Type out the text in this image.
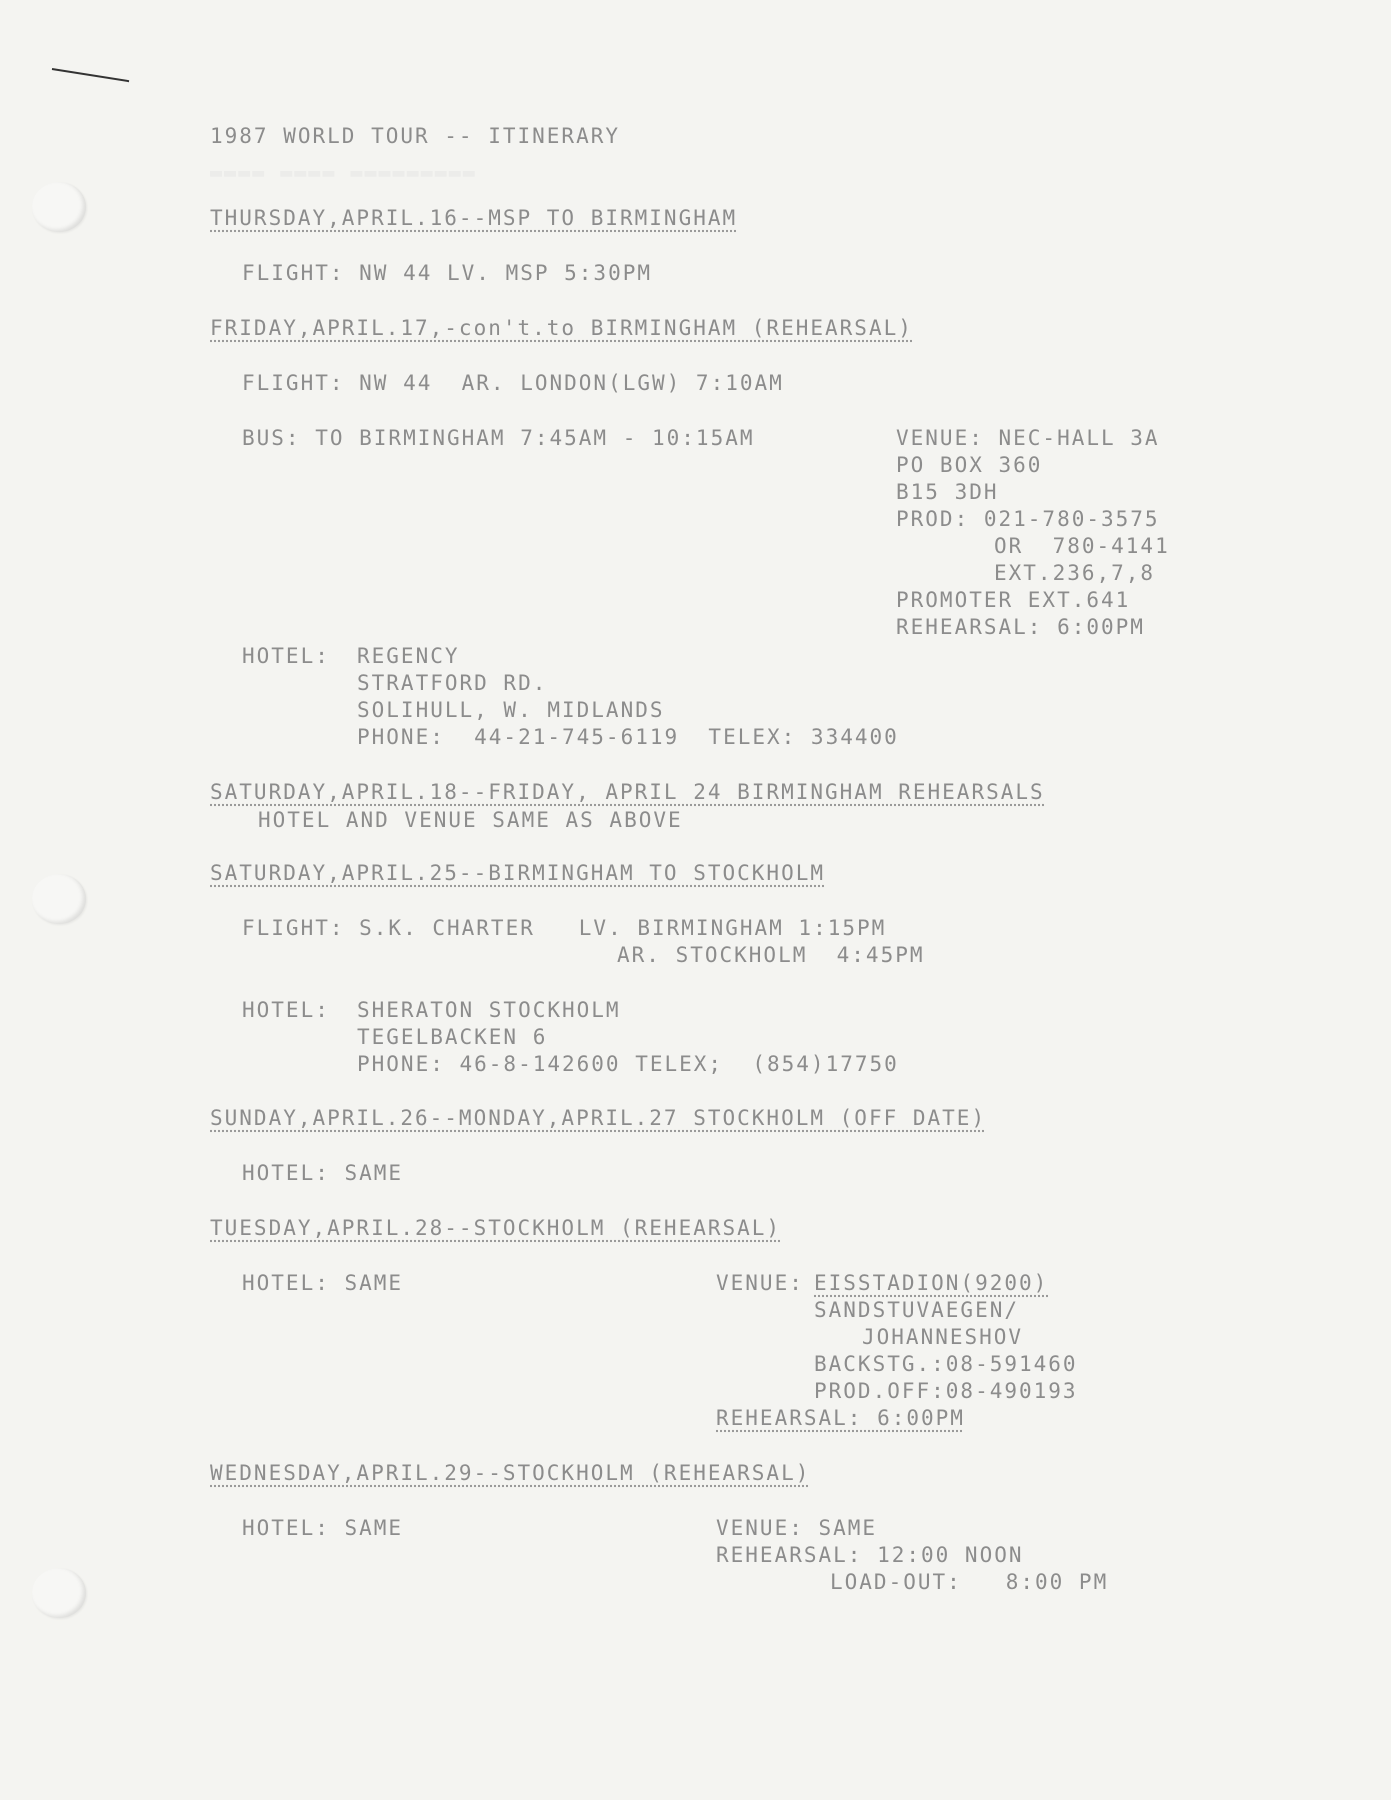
▬▬▬▬ ▬▬▬▬ ▬▬▬▬▬▬▬▬▬
1987 WORLD TOUR -- ITINERARY
THURSDAY,APRIL.16--MSP TO BIRMINGHAM
FLIGHT: NW 44 LV. MSP 5:30PM
FRIDAY,APRIL.17,-con't.to BIRMINGHAM (REHEARSAL)
FLIGHT: NW 44  AR. LONDON(LGW) 7:10AM
BUS: TO BIRMINGHAM 7:45AM - 10:15AM	VENUE: NEC-HALL 3A
PO BOX 360
B15 3DH
PROD: 021-780-3575
OR  780-4141
EXT.236,7,8
PROMOTER EXT.641
REHEARSAL: 6:00PM
HOTEL: REGENCY
STRATFORD RD.
SOLIHULL, W. MIDLANDS
PHONE:  44-21-745-6119  TELEX: 334400
SATURDAY,APRIL.18--FRIDAY, APRIL 24 BIRMINGHAM REHEARSALS
HOTEL AND VENUE SAME AS ABOVE
SATURDAY,APRIL.25--BIRMINGHAM TO STOCKHOLM
FLIGHT: S.K. CHARTER   LV. BIRMINGHAM 1:15PM
AR. STOCKHOLM  4:45PM
HOTEL: SHERATON STOCKHOLM
TEGELBACKEN 6
PHONE: 46-8-142600 TELEX;  (854)17750
SUNDAY,APRIL.26--MONDAY,APRIL.27 STOCKHOLM (OFF DATE)
HOTEL: SAME
TUESDAY,APRIL.28--STOCKHOLM (REHEARSAL)
HOTEL: SAME	VENUE: EISSTADION(9200)
SANDSTUVAEGEN/
JOHANNESHOV
BACKSTG.:08-591460
PROD.OFF:08-490193
REHEARSAL: 6:00PM
WEDNESDAY,APRIL.29--STOCKHOLM (REHEARSAL)
HOTEL: SAME	VENUE: SAME
REHEARSAL: 12:00 NOON
LOAD-OUT:   8:00 PM
